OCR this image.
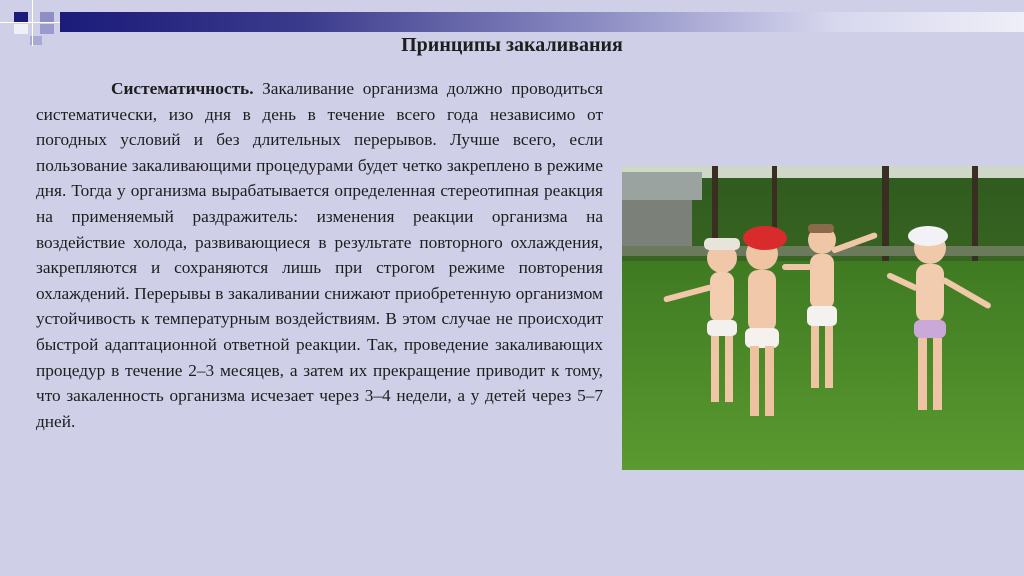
Принципы закаливания

Систематичность. Закаливание организма должно проводиться систематически, изо дня в день в течение всего года независимо от погодных условий и без длительных перерывов. Лучше всего, если пользование закаливающими процедурами будет четко закреплено в режиме дня. Тогда у организма вырабатывается определенная стереотипная реакция на применяемый раздражитель: изменения реакции организма на воздействие холода, развивающиеся в результате повторного охлаждения, закрепляются и сохраняются лишь при строгом режиме повторения охлаждений. Перерывы в закаливании снижают приобретенную организмом устойчивость к температурным воздействиям. В этом случае не происходит быстрой адаптационной ответной реакции. Так, проведение закаливающих процедур в течение 2–3 месяцев, а затем их прекращение приводит к тому, что закаленность организма исчезает через 3–4 недели, а у детей через 5–7 дней.
